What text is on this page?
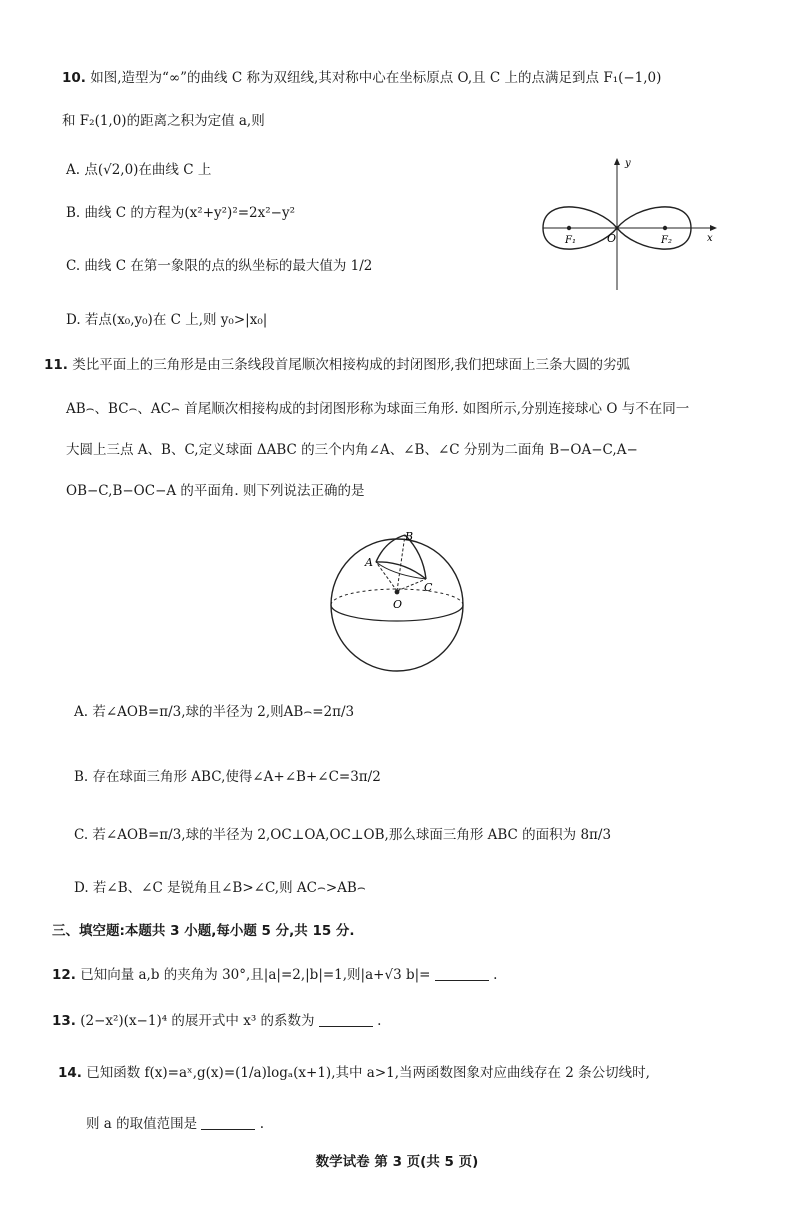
10. 如图,造型为“∞”的曲线 C 称为双纽线,其对称中心在坐标原点 O,且 C 上的点满足到点 F₁(−1,0)
和 F₂(1,0)的距离之积为定值 a,则
A. 点(√2,0)在曲线 C 上
B. 曲线 C 的方程为(x²+y²)²=2x²−y²
C. 曲线 C 在第一象限的点的纵坐标的最大值为 1/2
D. 若点(x₀,y₀)在 C 上,则 y₀>|x₀|
y
x
O
F₁	F₂
11. 类比平面上的三角形是由三条线段首尾顺次相接构成的封闭图形,我们把球面上三条大圆的劣弧
AB⌢、BC⌢、AC⌢ 首尾顺次相接构成的封闭图形称为球面三角形. 如图所示,分别连接球心 O 与不在同一
大圆上三点 A、B、C,定义球面 ΔABC 的三个内角∠A、∠B、∠C 分别为二面角 B−OA−C,A−
OB−C,B−OC−A 的平面角. 则下列说法正确的是
A
B
C
O
A. 若∠AOB=π/3,球的半径为 2,则AB⌢=2π/3
B. 存在球面三角形 ABC,使得∠A+∠B+∠C=3π/2
C. 若∠AOB=π/3,球的半径为 2,OC⊥OA,OC⊥OB,那么球面三角形 ABC 的面积为 8π/3
D. 若∠B、∠C 是锐角且∠B>∠C,则 AC⌢>AB⌢
三、填空题:本题共 3 小题,每小题 5 分,共 15 分.
12. 已知向量 a,b 的夹角为 30°,且|a|=2,|b|=1,则|a+√3 b|=	.
13. (2−x²)(x−1)⁴ 的展开式中 x³ 的系数为	.
14. 已知函数 f(x)=aˣ,g(x)=(1/a)logₐ(x+1),其中 a>1,当两函数图象对应曲线存在 2 条公切线时,
则 a 的取值范围是	.
数学试卷 第 3 页(共 5 页)
